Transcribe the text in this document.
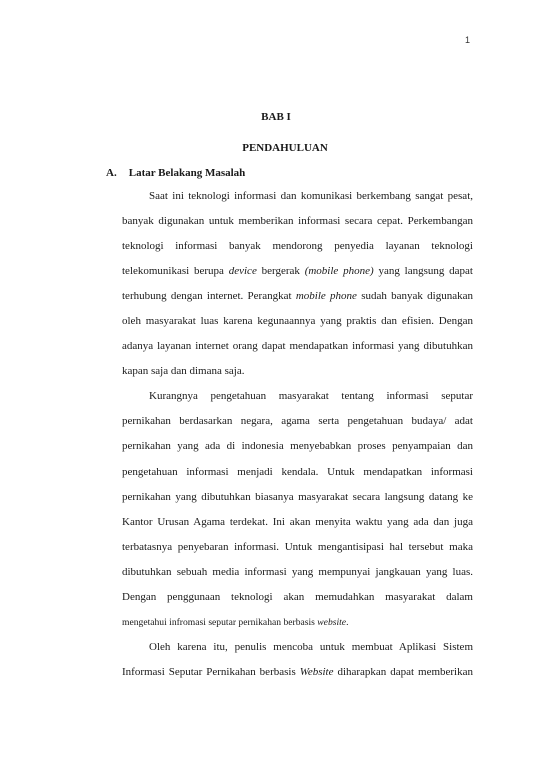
1
BAB I
PENDAHULUAN
A. Latar Belakang Masalah
Saat ini teknologi informasi dan komunikasi berkembang sangat pesat,
banyak digunakan untuk memberikan informasi secara cepat. Perkembangan
teknologi informasi banyak mendorong penyedia layanan teknologi
telekomunikasi berupa device bergerak (mobile phone) yang langsung dapat
terhubung dengan internet. Perangkat mobile phone sudah banyak digunakan
oleh masyarakat luas karena kegunaannya yang praktis dan efisien. Dengan
adanya layanan internet orang dapat mendapatkan informasi yang dibutuhkan
kapan saja dan dimana saja.
Kurangnya pengetahuan masyarakat tentang informasi seputar
pernikahan berdasarkan negara, agama serta pengetahuan budaya/ adat
pernikahan yang ada di indonesia menyebabkan proses penyampaian dan
pengetahuan informasi menjadi kendala. Untuk mendapatkan informasi
pernikahan yang dibutuhkan biasanya masyarakat secara langsung datang ke
Kantor Urusan Agama terdekat. Ini akan menyita waktu yang ada dan juga
terbatasnya penyebaran informasi. Untuk mengantisipasi hal tersebut maka
dibutuhkan sebuah media informasi yang mempunyai jangkauan yang luas.
Dengan penggunaan teknologi akan memudahkan masyarakat dalam
mengetahui infromasi seputar pernikahan berbasis website.
Oleh karena itu, penulis mencoba untuk membuat Aplikasi Sistem
Informasi Seputar Pernikahan berbasis Website diharapkan dapat memberikan
